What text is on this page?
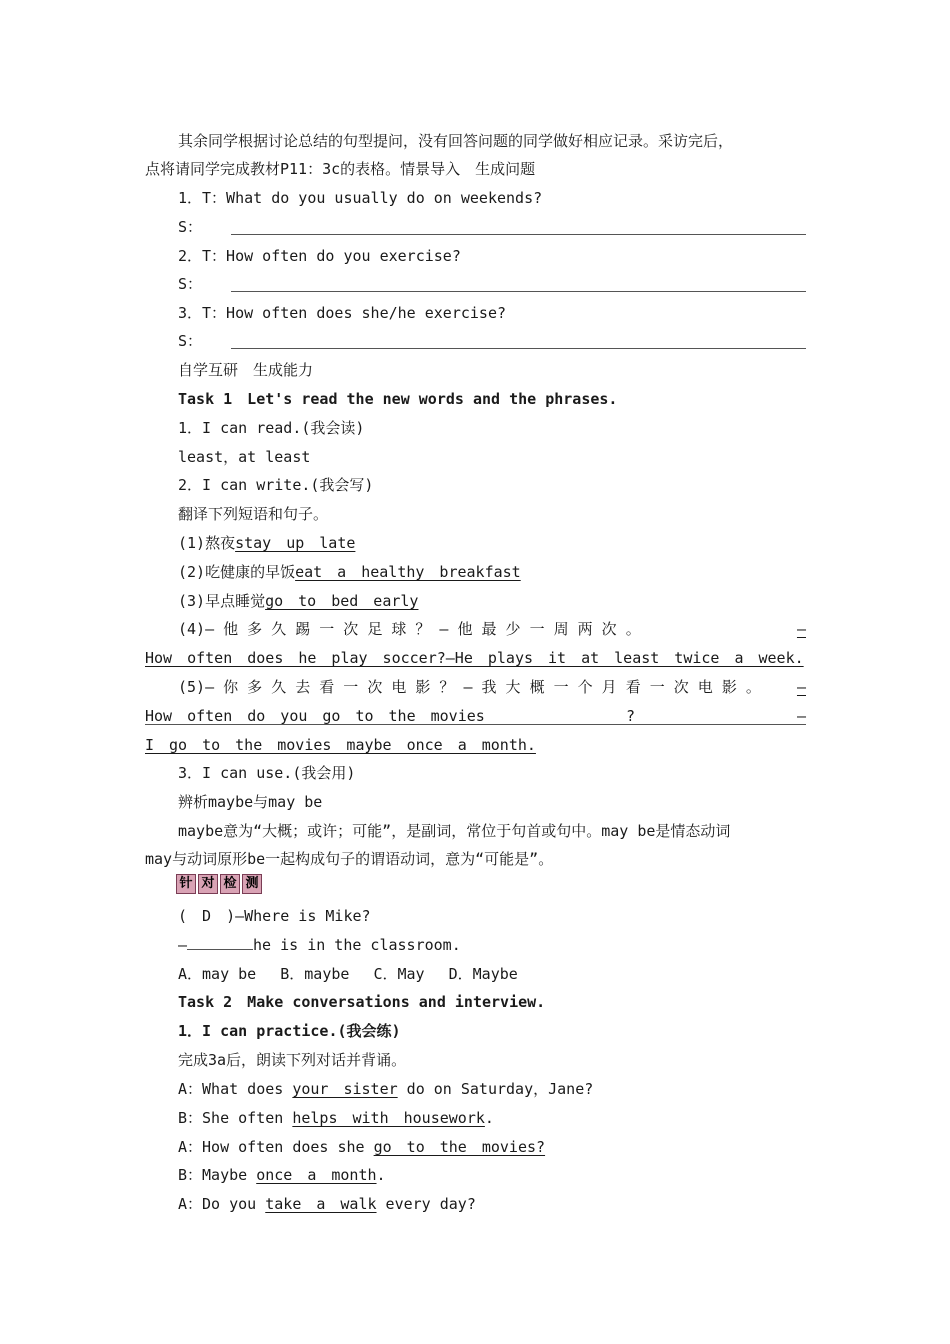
其余同学根据讨论总结的句型提问，没有回答问题的同学做好相应记录。采访完后，
点将请同学完成教材P11：3c的表格。情景导入　生成问题
1．T：What do you usually do on weekends?
S：
2．T：How often do you exercise?
S：
3．T：How often does she/he exercise?
S：
自学互研　生成能力
Task 1　Let's read the new words and the phrases.
1．I can read.(我会读)
least，at least
2．I can write.(我会写)
翻译下列短语和句子。
(1)熬夜stay　up　late
(2)吃健康的早饭eat　a　healthy　breakfast
(3)早点睡觉go　to　bed　early
(4)— 他 多 久 踢 一 次 足 球 ？ — 他 最 少 一 周 两 次 。	—
How　often　does　he　play　soccer?—He　plays　it　at　least　twice　a　week.
(5)— 你 多 久 去 看 一 次 电 影 ？ — 我 大 概 一 个 月 看 一 次 电 影 。 —
How　often　do　you　go　to　the　movies	?	—
I　go　to　the　movies　maybe　once　a　month.
3．I can use.(我会用)
辨析maybe与may be
maybe意为“大概；或许；可能”，是副词，常位于句首或句中。may be是情态动词
may与动词原形be一起构成句子的谓语动词，意为“可能是”。
针 对 检 测
(　D　)—Where is Mike?
—	he is in the classroom.
A．may be　 B．maybe　 C．May　 D．Maybe
Task 2　Make conversations and interview.
1．I can practice.(我会练)
完成3a后，朗读下列对话并背诵。
A：What does your　sister do on Saturday，Jane?
B：She often helps　with　housework.
A：How often does she go　to　the　movies?
B：Maybe once　a　month.
A：Do you take　a　walk every day?
